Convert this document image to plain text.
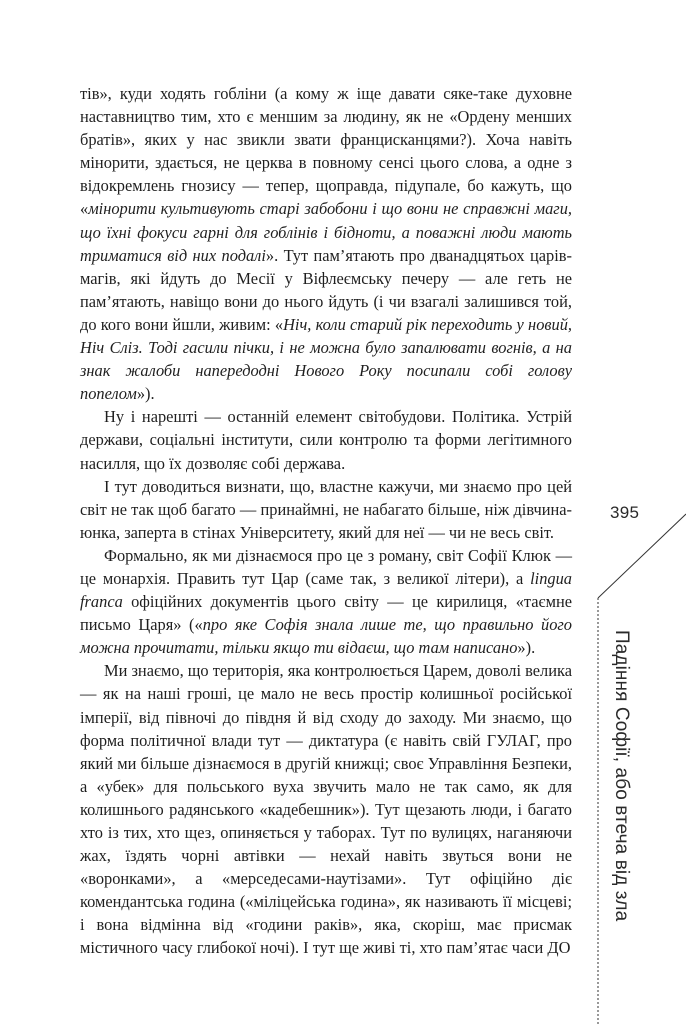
тів», куди ходять гобліни (а кому ж іще давати сяке-таке духовне наставництво тим, хто є меншим за людину, як не «Ордену менших братів», яких у нас звикли звати францисканцями?). Хоча навіть мінорити, здається, не церква в повному сенсі цього слова, а одне з відокремлень гнозису — тепер, щоправда, підупале, бо кажуть, що «мінорити культивують старі забобони і що вони не справжні маги, що їхні фокуси гарні для гоблінів і бідноти, а поважні люди мають триматися від них подалі». Тут пам’ятають про дванадцятьох царів-магів, які йдуть до Месії у Віфлеємську печеру — але геть не пам’ятають, навіщо вони до нього йдуть (і чи взагалі залишився той, до кого вони йшли, живим: «Ніч, коли старий рік переходить у новий, Ніч Сліз. Тоді гасили пічки, і не можна було запалювати вогнів, а на знак жалоби напередодні Нового Року посипали собі голову попелом»).

Ну і нарешті — останній елемент світобудови. Політика. Устрій держави, соціальні інститути, сили контролю та форми легітимного насилля, що їх дозволяє собі держава.

І тут доводиться визнати, що, властне кажучи, ми знаємо про цей світ не так щоб багато — принаймні, не набагато більше, ніж дівчина-юнка, заперта в стінах Університету, який для неї — чи не весь світ.

Формально, як ми дізнаємося про це з роману, світ Софії Клюк — це монархія. Править тут Цар (саме так, з великої літери), а lingua franca офіційних документів цього світу — це кирилиця, «таємне письмо Царя» («про яке Софія знала лише те, що правильно його можна прочитати, тільки якщо ти відаєш, що там написано»).

Ми знаємо, що територія, яка контролюється Царем, доволі велика — як на наші гроші, це мало не весь простір колишньої російської імперії, від півночі до півдня й від сходу до заходу. Ми знаємо, що форма політичної влади тут — диктатура (є навіть свій ГУЛАГ, про який ми більше дізнаємося в другій книжці; своє Управління Безпеки, а «убек» для польського вуха звучить мало не так само, як для колишнього радянського «кадебешник»). Тут щезають люди, і багато хто із тих, хто щез, опиняється у таборах. Тут по вулицях, наганяючи жах, їздять чорні автівки — нехай навіть звуться вони не «воронками», а «мерседесами-наутізами». Тут офіційно діє комендантська година («міліцейська година», як називають її місцеві; і вона відмінна від «години раків», яка, скоріш, має присмак містичного часу глибокої ночі). І тут ще живі ті, хто пам’ятає часи ДО

395
Падіння Софії, або втеча від зла
